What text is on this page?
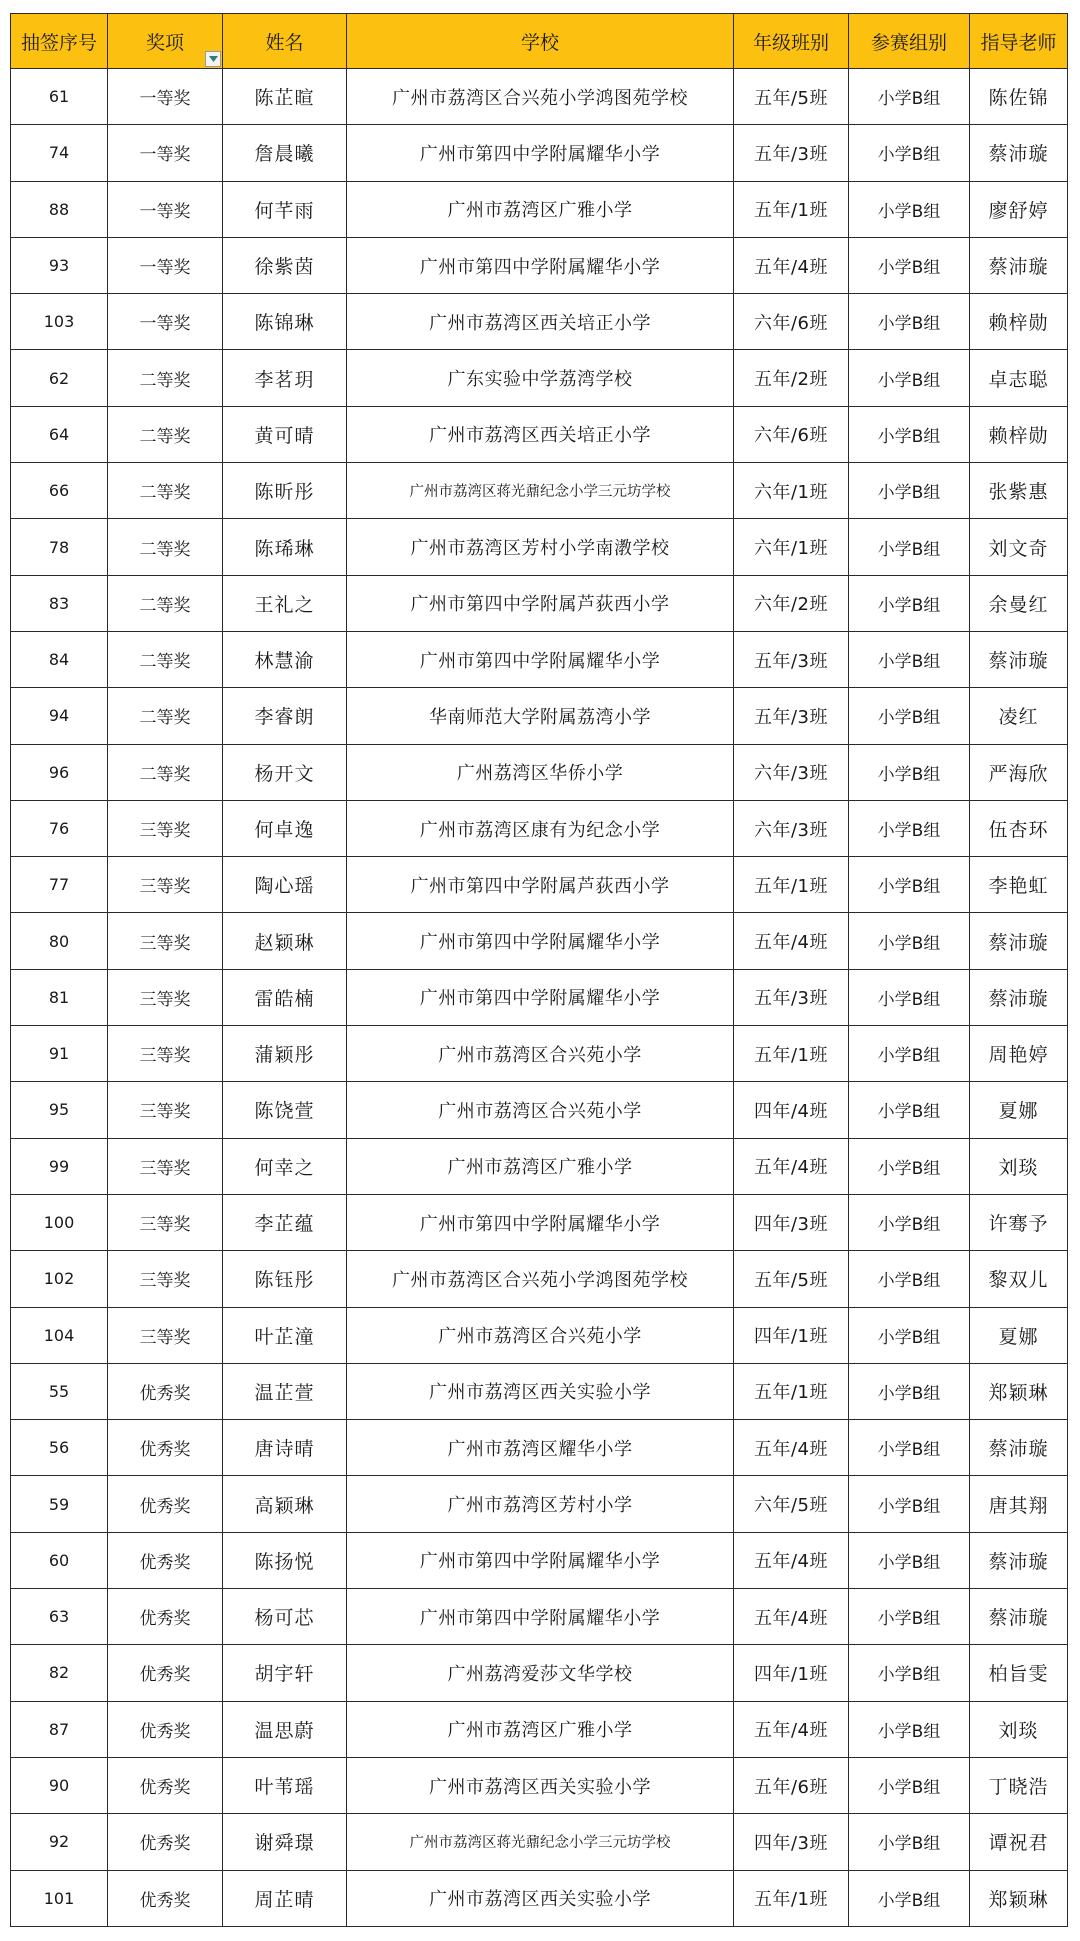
抽签序号	奖项	姓名	学校	年级班别	参赛组别	指导老师
61	一等奖	陈芷暄	广州市荔湾区合兴苑小学鸿图苑学校	五年/5班	小学B组	陈佐锦
74	一等奖	詹晨曦	广州市第四中学附属耀华小学	五年/3班	小学B组	蔡沛璇
88	一等奖	何芊雨	广州市荔湾区广雅小学	五年/1班	小学B组	廖舒婷
93	一等奖	徐紫茵	广州市第四中学附属耀华小学	五年/4班	小学B组	蔡沛璇
103	一等奖	陈锦琳	广州市荔湾区西关培正小学	六年/6班	小学B组	赖梓勋
62	二等奖	李茗玥	广东实验中学荔湾学校	五年/2班	小学B组	卓志聪
64	二等奖	黄可晴	广州市荔湾区西关培正小学	六年/6班	小学B组	赖梓勋
66	二等奖	陈昕彤	广州市荔湾区蒋光鼐纪念小学三元坊学校	六年/1班	小学B组	张紫惠
78	二等奖	陈琋琳	广州市荔湾区芳村小学南漖学校	六年/1班	小学B组	刘文奇
83	二等奖	王礼之	广州市第四中学附属芦荻西小学	六年/2班	小学B组	余曼红
84	二等奖	林慧渝	广州市第四中学附属耀华小学	五年/3班	小学B组	蔡沛璇
94	二等奖	李睿朗	华南师范大学附属荔湾小学	五年/3班	小学B组	凌红
96	二等奖	杨开文	广州荔湾区华侨小学	六年/3班	小学B组	严海欣
76	三等奖	何卓逸	广州市荔湾区康有为纪念小学	六年/3班	小学B组	伍杏环
77	三等奖	陶心瑶	广州市第四中学附属芦荻西小学	五年/1班	小学B组	李艳虹
80	三等奖	赵颖琳	广州市第四中学附属耀华小学	五年/4班	小学B组	蔡沛璇
81	三等奖	雷皓楠	广州市第四中学附属耀华小学	五年/3班	小学B组	蔡沛璇
91	三等奖	蒲颖彤	广州市荔湾区合兴苑小学	五年/1班	小学B组	周艳婷
95	三等奖	陈饶萱	广州市荔湾区合兴苑小学	四年/4班	小学B组	夏娜
99	三等奖	何幸之	广州市荔湾区广雅小学	五年/4班	小学B组	刘琰
100	三等奖	李芷蕴	广州市第四中学附属耀华小学	四年/3班	小学B组	许骞予
102	三等奖	陈钰彤	广州市荔湾区合兴苑小学鸿图苑学校	五年/5班	小学B组	黎双儿
104	三等奖	叶芷潼	广州市荔湾区合兴苑小学	四年/1班	小学B组	夏娜
55	优秀奖	温芷萱	广州市荔湾区西关实验小学	五年/1班	小学B组	郑颖琳
56	优秀奖	唐诗晴	广州市荔湾区耀华小学	五年/4班	小学B组	蔡沛璇
59	优秀奖	高颖琳	广州市荔湾区芳村小学	六年/5班	小学B组	唐其翔
60	优秀奖	陈扬悦	广州市第四中学附属耀华小学	五年/4班	小学B组	蔡沛璇
63	优秀奖	杨可芯	广州市第四中学附属耀华小学	五年/4班	小学B组	蔡沛璇
82	优秀奖	胡宇轩	广州荔湾爱莎文华学校	四年/1班	小学B组	柏旨雯
87	优秀奖	温思蔚	广州市荔湾区广雅小学	五年/4班	小学B组	刘琰
90	优秀奖	叶苇瑶	广州市荔湾区西关实验小学	五年/6班	小学B组	丁晓浩
92	优秀奖	谢舜璟	广州市荔湾区蒋光鼐纪念小学三元坊学校	四年/3班	小学B组	谭祝君
101	优秀奖	周芷晴	广州市荔湾区西关实验小学	五年/1班	小学B组	郑颖琳
